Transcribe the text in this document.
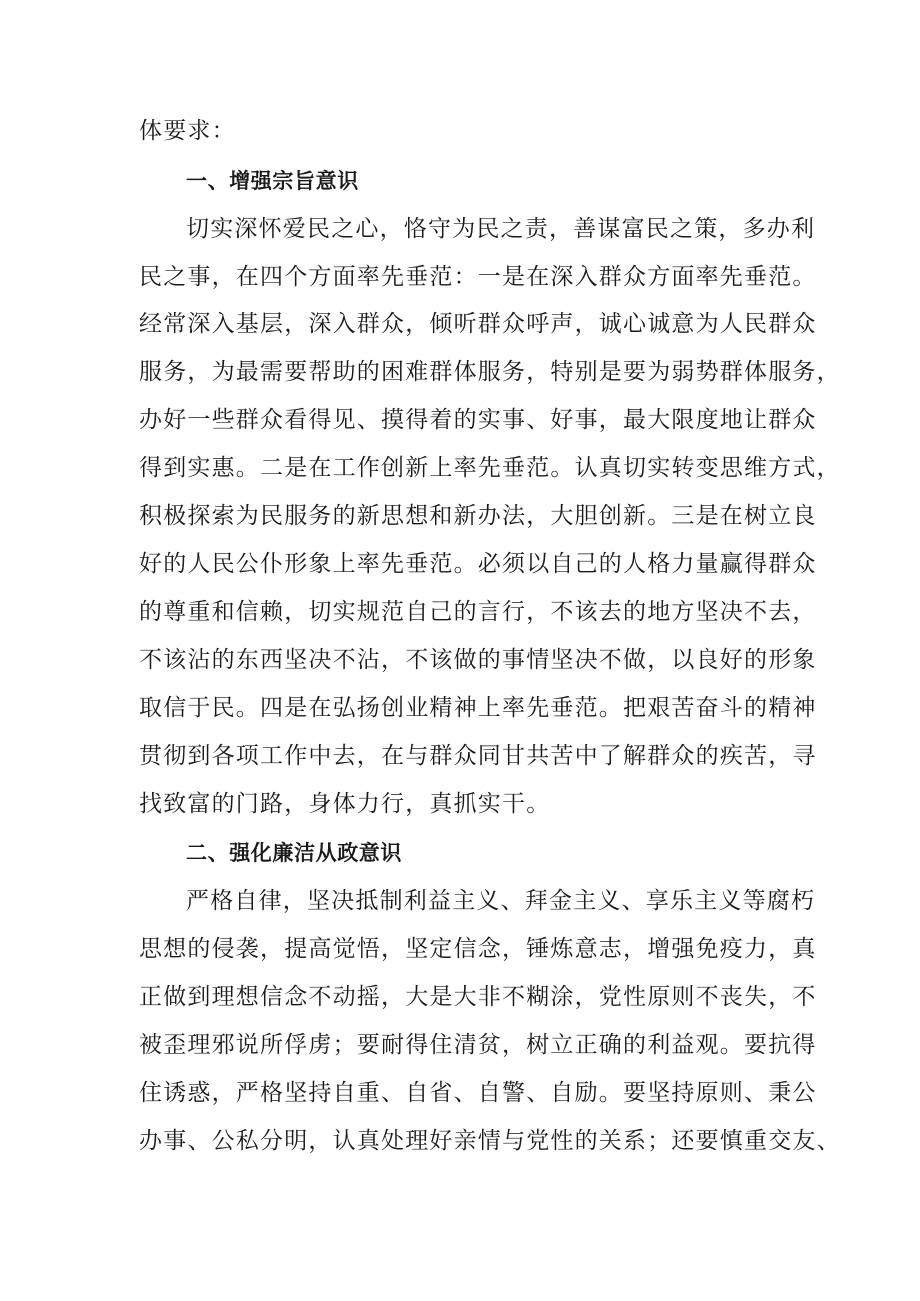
体要求：

一、增强宗旨意识

切实深怀爱民之心，恪守为民之责，善谋富民之策，多办利

民之事，在四个方面率先垂范：一是在深入群众方面率先垂范。

经常深入基层，深入群众，倾听群众呼声，诚心诚意为人民群众

服务，为最需要帮助的困难群体服务，特别是要为弱势群体服务，

办好一些群众看得见、摸得着的实事、好事，最大限度地让群众

得到实惠。二是在工作创新上率先垂范。认真切实转变思维方式，

积极探索为民服务的新思想和新办法，大胆创新。三是在树立良

好的人民公仆形象上率先垂范。必须以自己的人格力量赢得群众

的尊重和信赖，切实规范自己的言行，不该去的地方坚决不去，

不该沾的东西坚决不沾，不该做的事情坚决不做，以良好的形象

取信于民。四是在弘扬创业精神上率先垂范。把艰苦奋斗的精神

贯彻到各项工作中去，在与群众同甘共苦中了解群众的疾苦，寻

找致富的门路，身体力行，真抓实干。

二、强化廉洁从政意识

严格自律，坚决抵制利益主义、拜金主义、享乐主义等腐朽

思想的侵袭，提高觉悟，坚定信念，锤炼意志，增强免疫力，真

正做到理想信念不动摇，大是大非不糊涂，党性原则不丧失，不

被歪理邪说所俘虏；要耐得住清贫，树立正确的利益观。要抗得

住诱惑，严格坚持自重、自省、自警、自励。要坚持原则、秉公

办事、公私分明，认真处理好亲情与党性的关系；还要慎重交友、
